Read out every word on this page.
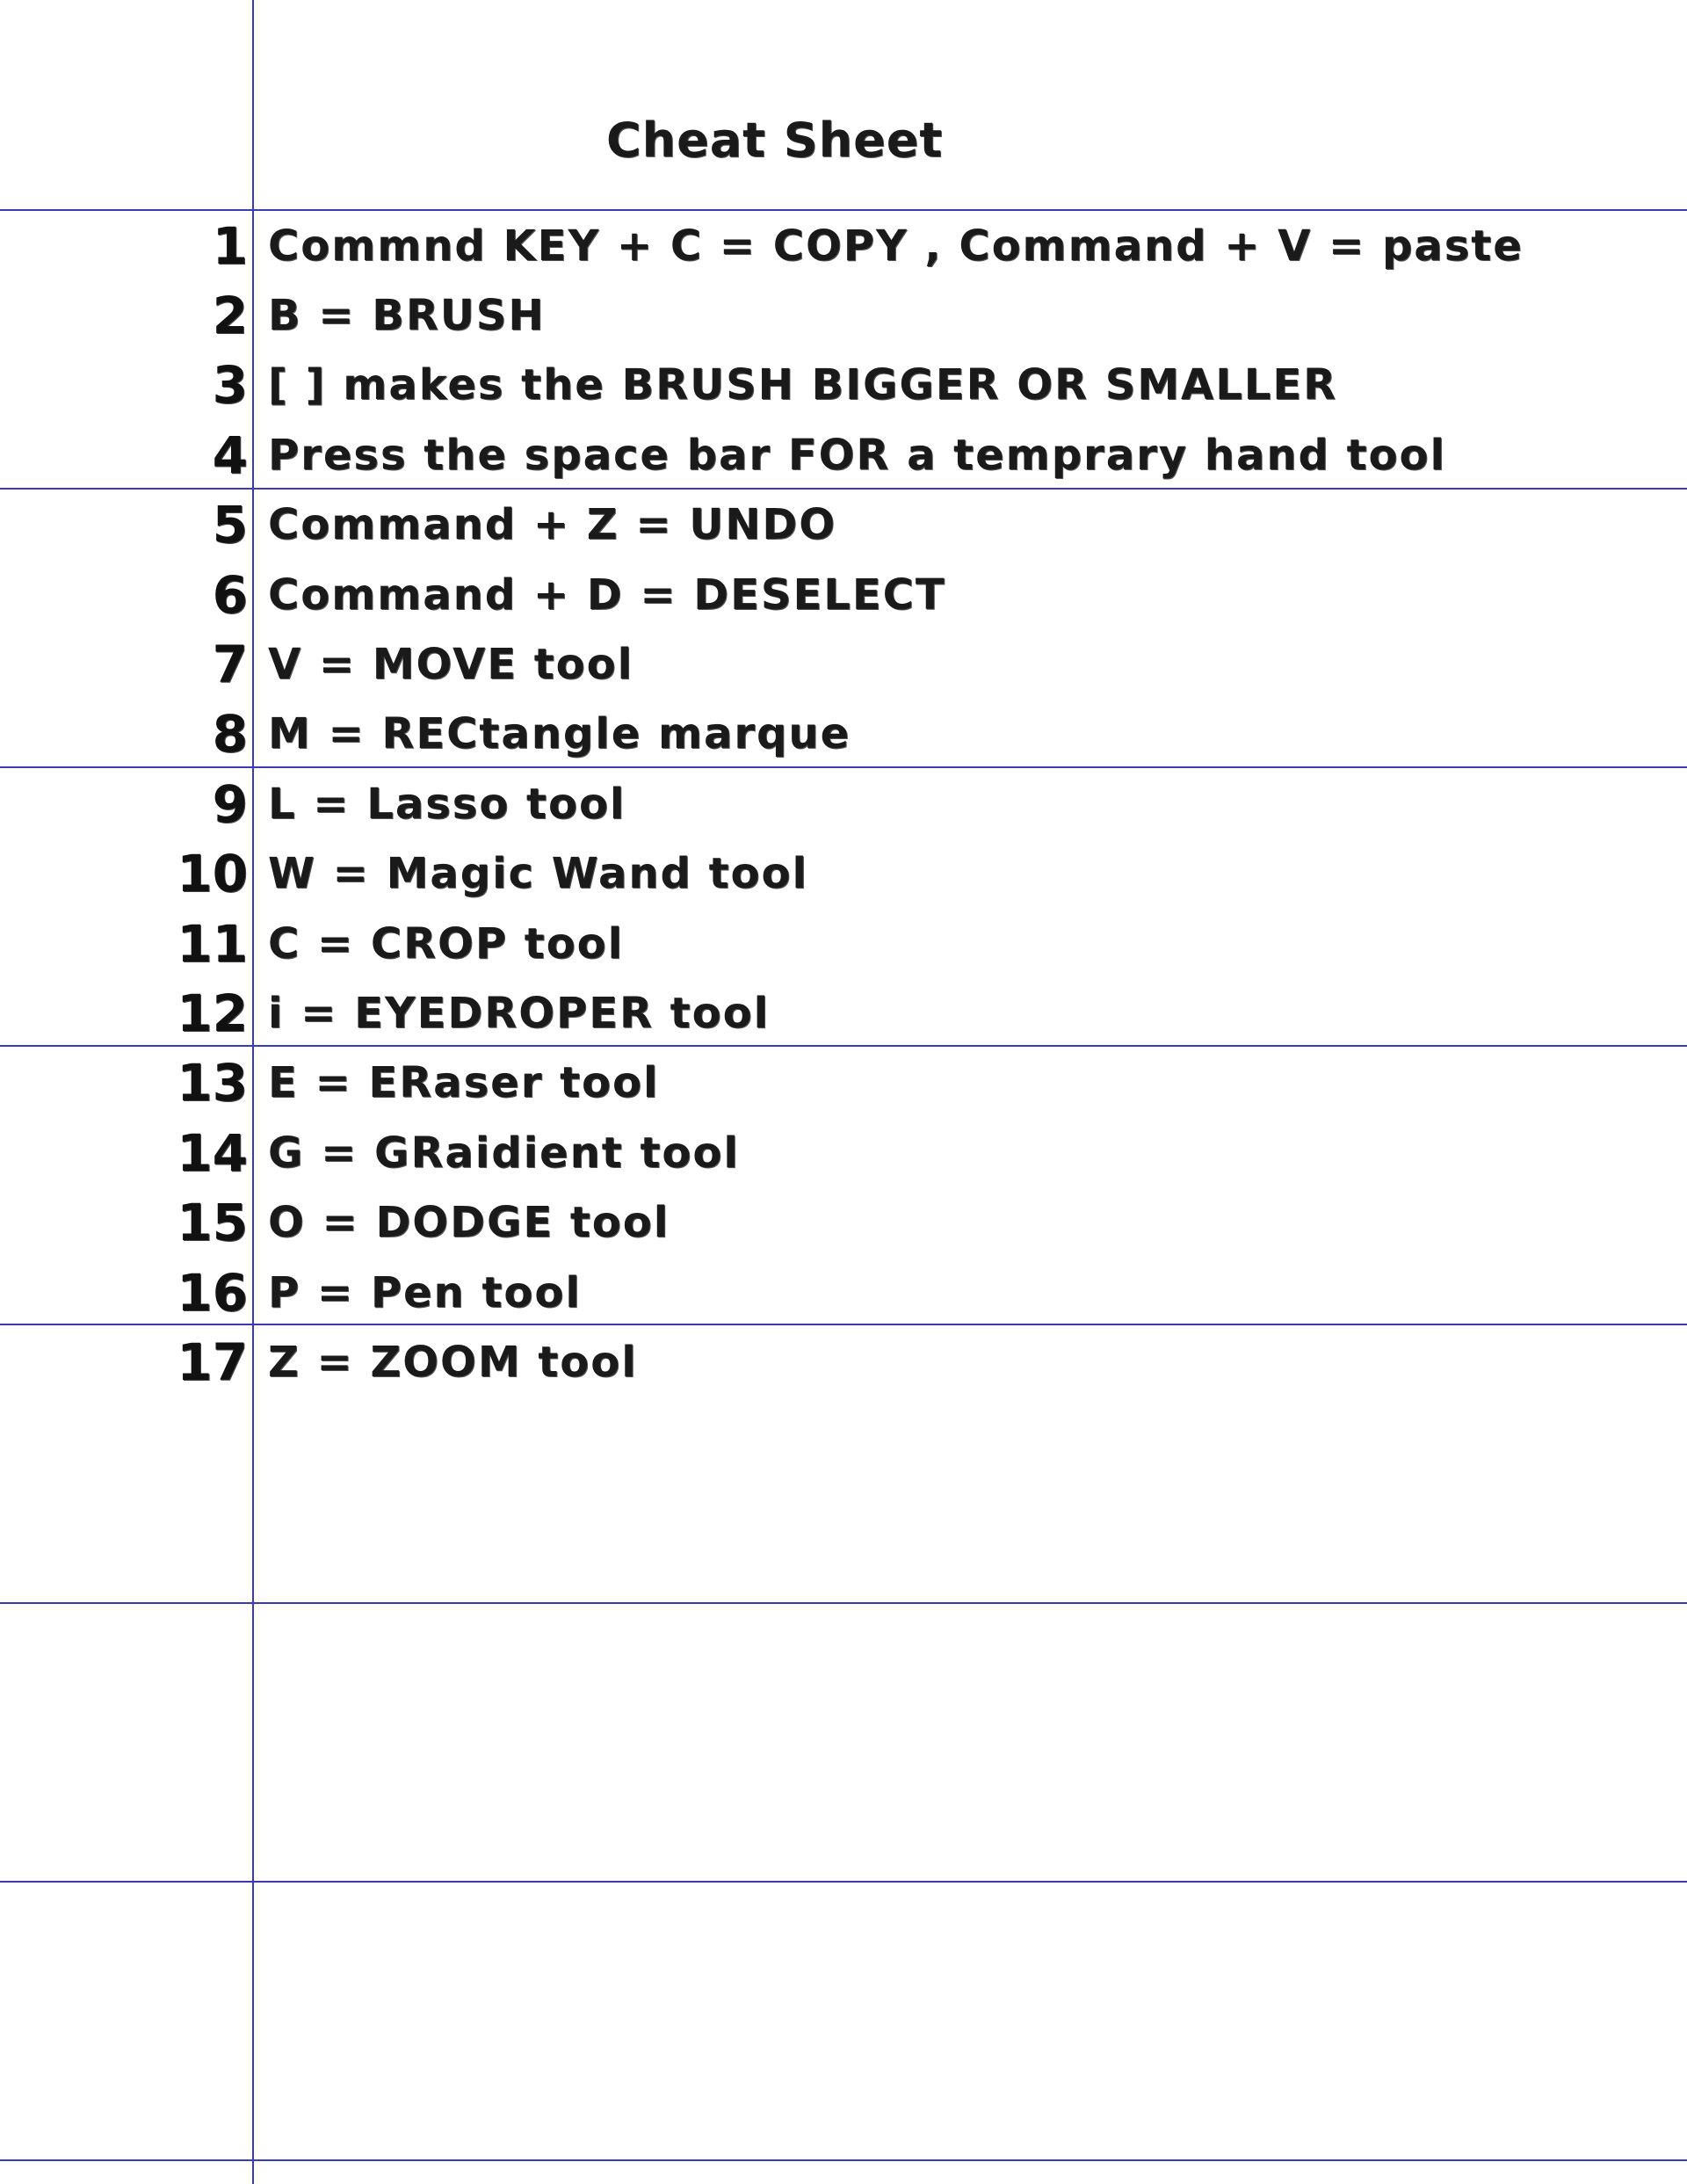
Cheat Sheet
1 Commnd KEY + C = COPY , Command + V = paste
2 B = BRUSH
3 [ ] makes the BRUSH BIGGER OR SMALLER
4 Press the space bar FOR a temprary hand tool
5 Command + Z = UNDO
6 Command + D = DESELECT
7 V = MOVE tool
8 M = RECtangle marque
9 L = Lasso tool
10 W = Magic Wand tool
11 C = CROP tool
12 i = EYEDROPER tool
13 E = ERaser tool
14 G = GRaidient tool
15 O = DODGE tool
16 P = Pen tool
17 Z = ZOOM tool
